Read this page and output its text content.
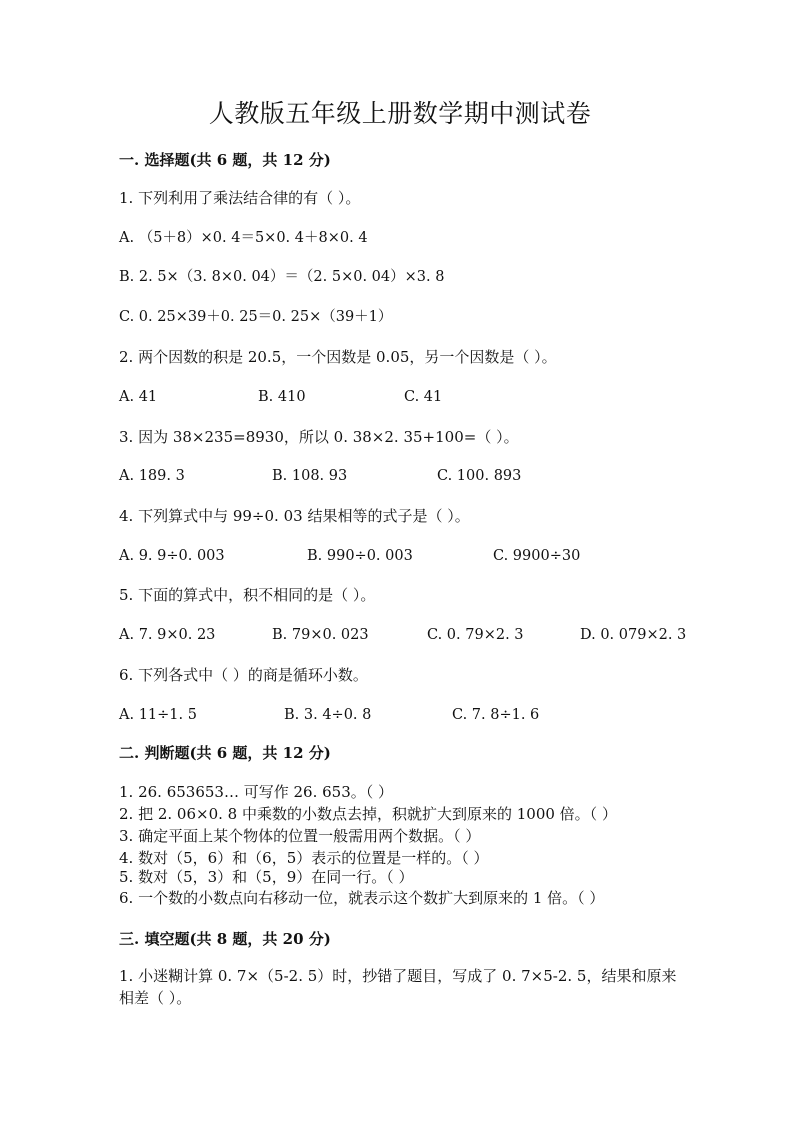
人教版五年级上册数学期中测试卷
一. 选择题(共 6 题，共 12 分)
1. 下列利用了乘法结合律的有（ ）。
A. （5＋8）×0. 4＝5×0. 4＋8×0. 4
B. 2. 5×（3. 8×0. 04）＝（2. 5×0. 04）×3. 8
C. 0. 25×39＋0. 25＝0. 25×（39＋1）
2. 两个因数的积是 20.5，一个因数是 0.05，另一个因数是（ ）。
A. 41	B. 410	C. 41
3. 因为 38×235=8930，所以 0. 38×2. 35+100=（ ）。
A. 189. 3	B. 108. 93	C. 100. 893
4. 下列算式中与 99÷0. 03 结果相等的式子是（ ）。
A. 9. 9÷0. 003	B. 990÷0. 003	C. 9900÷30
5. 下面的算式中，积不相同的是（ ）。
A. 7. 9×0. 23	B. 79×0. 023	C. 0. 79×2. 3	D. 0. 079×2. 3
6. 下列各式中（ ）的商是循环小数。
A. 11÷1. 5	B. 3. 4÷0. 8	C. 7. 8÷1. 6
二. 判断题(共 6 题，共 12 分)
1. 26. 653653… 可写作 26. 653。（ ）
2. 把 2. 06×0. 8 中乘数的小数点去掉，积就扩大到原来的 1000 倍。（ ）
3. 确定平面上某个物体的位置一般需用两个数据。（ ）
4. 数对（5，6）和（6，5）表示的位置是一样的。（ ）
5. 数对（5，3）和（5，9）在同一行。（ ）
6. 一个数的小数点向右移动一位，就表示这个数扩大到原来的 1 倍。（ ）
三. 填空题(共 8 题，共 20 分)
1. 小迷糊计算 0. 7×（5-2. 5）时，抄错了题目，写成了 0. 7×5-2. 5，结果和原来相差（ ）。
